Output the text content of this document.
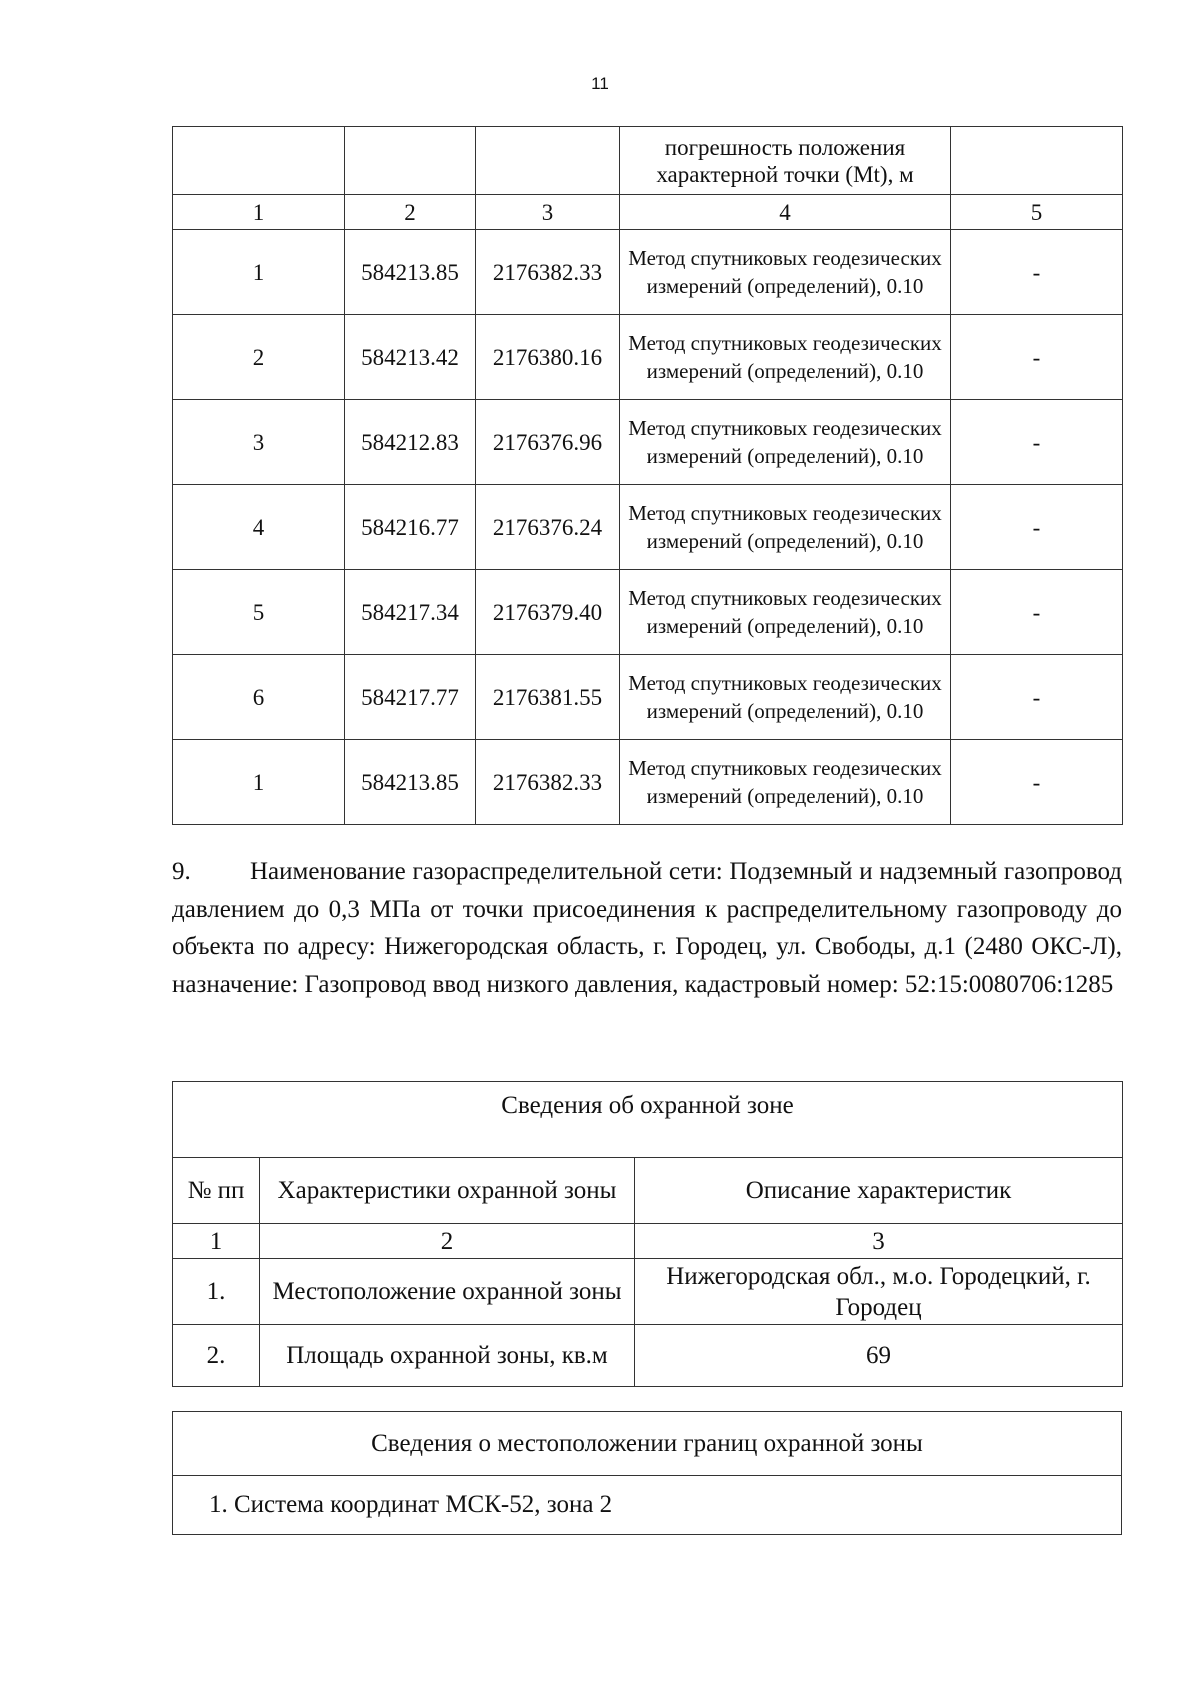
11
			погрешность положения характерной точки (Mt), м	
1	2	3	4	5
1	584213.85	2176382.33	Метод спутниковых геодезических измерений (определений), 0.10	-
2	584213.42	2176380.16	Метод спутниковых геодезических измерений (определений), 0.10	-
3	584212.83	2176376.96	Метод спутниковых геодезических измерений (определений), 0.10	-
4	584216.77	2176376.24	Метод спутниковых геодезических измерений (определений), 0.10	-
5	584217.34	2176379.40	Метод спутниковых геодезических измерений (определений), 0.10	-
6	584217.77	2176381.55	Метод спутниковых геодезических измерений (определений), 0.10	-
1	584213.85	2176382.33	Метод спутниковых геодезических измерений (определений), 0.10	-

9. Наименование газораспределительной сети: Подземный и надземный газопровод давлением до 0,3 МПа от точки присоединения к распределительному газопроводу до объекта по адресу: Нижегородская область, г. Городец, ул. Свободы, д.1 (2480 ОКС-Л), назначение: Газопровод ввод низкого давления, кадастровый номер: 52:15:0080706:1285

Сведения об охранной зоне		
№ пп	Характеристики охранной зоны	Описание характеристик
1	2	3
1.	Местоположение охранной зоны	Нижегородская обл., м.о. Городецкий, г. Городец
2.	Площадь охранной зоны, кв.м	69
Сведения о местоположении границ охранной зоны
1. Система координат МСК-52, зона 2
